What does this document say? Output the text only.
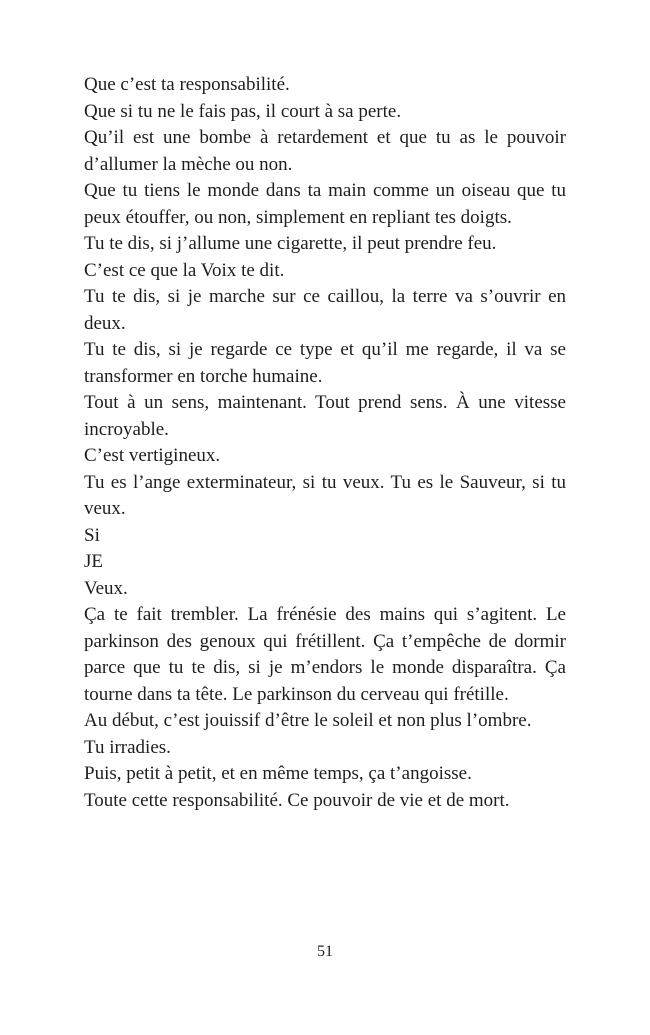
Que c’est ta responsabilité.

Que si tu ne le fais pas, il court à sa perte.

Qu’il est une bombe à retardement et que tu as le pouvoir d’allumer la mèche ou non.

Que tu tiens le monde dans ta main comme un oiseau que tu peux étouffer, ou non, simplement en repliant tes doigts.

Tu te dis, si j’allume une cigarette, il peut prendre feu.

C’est ce que la Voix te dit.

Tu te dis, si je marche sur ce caillou, la terre va s’ouvrir en deux.

Tu te dis, si je regarde ce type et qu’il me regarde, il va se transformer en torche humaine.

Tout à un sens, maintenant. Tout prend sens. À une vitesse incroyable.

C’est vertigineux.

Tu es l’ange exterminateur, si tu veux. Tu es le Sauveur, si tu veux.

Si

JE

Veux.

Ça te fait trembler. La frénésie des mains qui s’agitent. Le parkinson des genoux qui frétillent. Ça t’empêche de dormir parce que tu te dis, si je m’endors le monde disparaîtra. Ça tourne dans ta tête. Le parkinson du cerveau qui frétille.

Au début, c’est jouissif d’être le soleil et non plus l’ombre.

Tu irradies.

Puis, petit à petit, et en même temps, ça t’angoisse.

Toute cette responsabilité. Ce pouvoir de vie et de mort.

51
